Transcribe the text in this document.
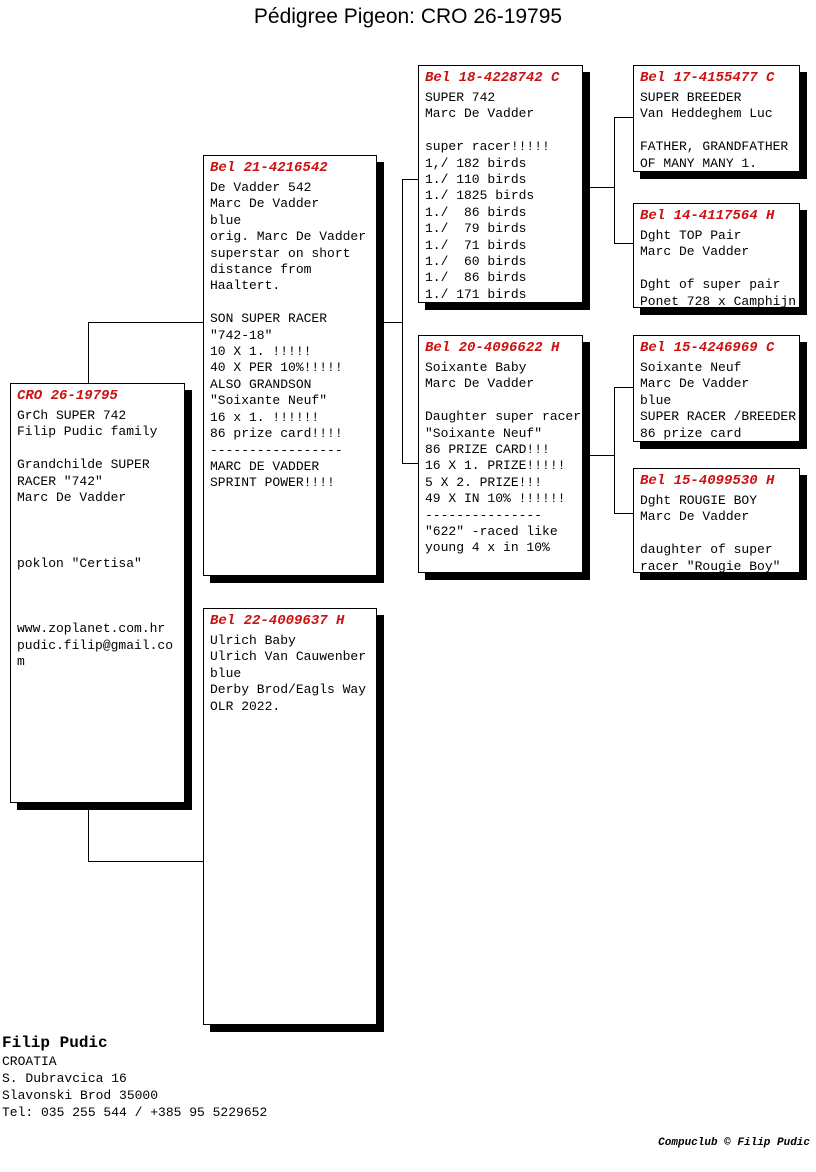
Pédigree Pigeon: CRO 26-19795
CRO 26-19795
GrCh SUPER 742
Filip Pudic family

Grandchilde SUPER
RACER "742"
Marc De Vadder

poklon "Certisa"

www.zoplanet.com.hr
pudic.filip@gmail.co
m
Bel 21-4216542
De Vadder 542
Marc De Vadder
blue
orig. Marc De Vadder
superstar on short
distance from
Haaltert.

SON SUPER RACER
"742-18"
10 X 1. !!!!!
40 X PER 10%!!!!!
ALSO GRANDSON
"Soixante Neuf"
16 x 1. !!!!!!
86 prize card!!!!
-----------------
MARC DE VADDER
SPRINT POWER!!!!
Bel 22-4009637 H
Ulrich Baby
Ulrich Van Cauwenber
blue
Derby Brod/Eagls Way
OLR 2022.
Bel 18-4228742 C
SUPER 742
Marc De Vadder

super racer!!!!!
1,/ 182 birds
1./ 110 birds
1./ 1825 birds
1./  86 birds
1./  79 birds
1./  71 birds
1./  60 birds
1./  86 birds
1./ 171 birds
Bel 20-4096622 H
Soixante Baby
Marc De Vadder

Daughter super racer
"Soixante Neuf"
86 PRIZE CARD!!!
16 X 1. PRIZE!!!!!
5 X 2. PRIZE!!!
49 X IN 10% !!!!!!
---------------
"622" -raced like
young 4 x in 10%
Bel 17-4155477 C
SUPER BREEDER
Van Heddeghem Luc

FATHER, GRANDFATHER
OF MANY MANY 1.
Bel 14-4117564 H
Dght TOP Pair
Marc De Vadder

Dght of super pair
Ponet 728 x Camphijn
Bel 15-4246969 C
Soixante Neuf
Marc De Vadder
blue
SUPER RACER /BREEDER
86 prize card
Bel 15-4099530 H
Dght ROUGIE BOY
Marc De Vadder

daughter of super
racer "Rougie Boy"
Filip Pudic
CROATIA
S. Dubravcica 16
Slavonski Brod 35000
Tel: 035 255 544 / +385 95 5229652
Compuclub © Filip Pudic
